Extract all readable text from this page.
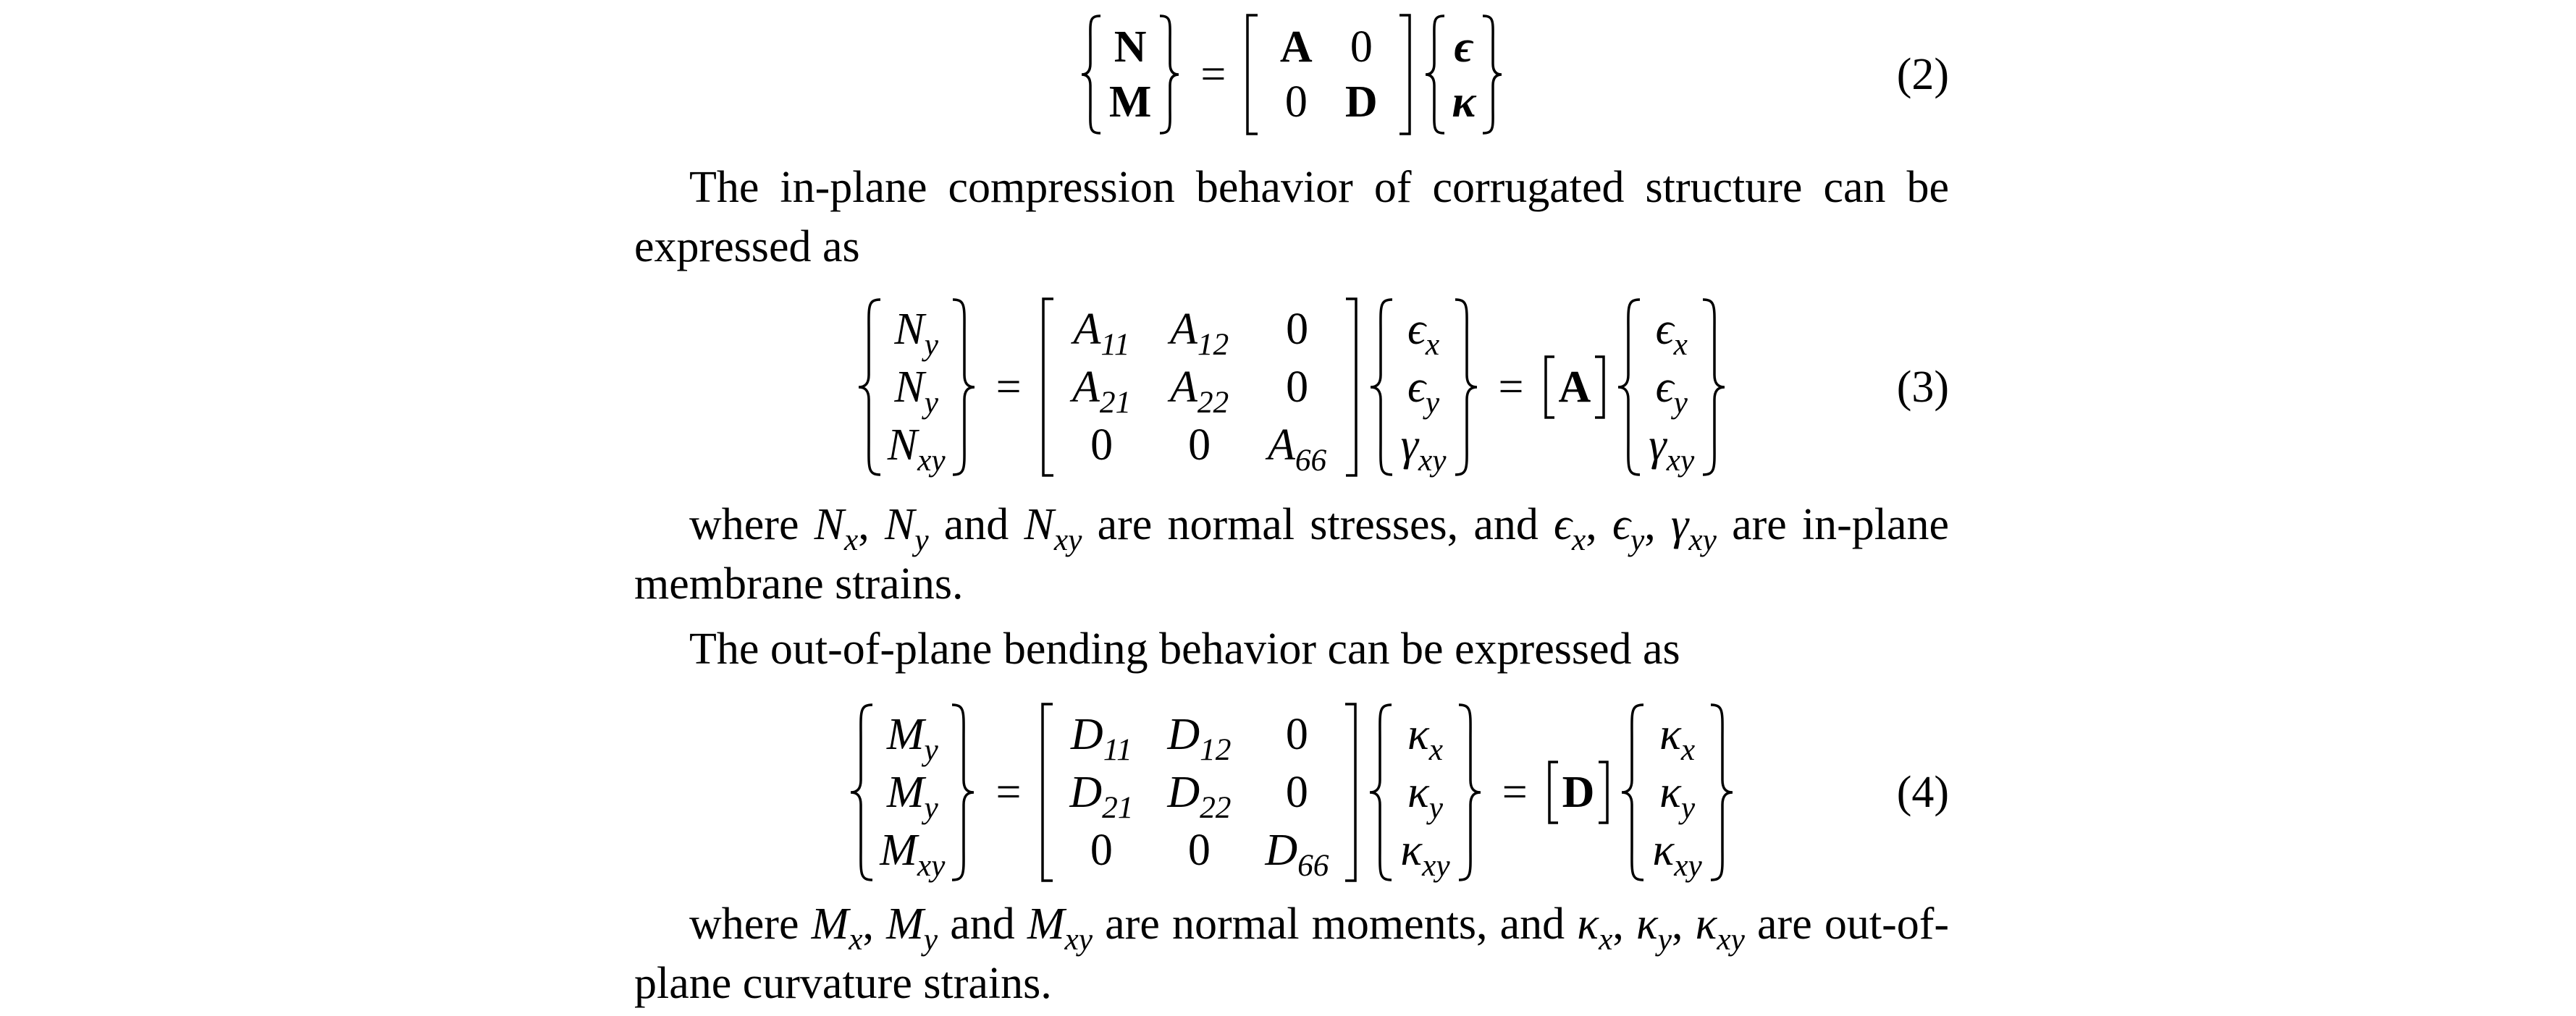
N
M
=
A 0
0 D
ϵ
κ
(2)

The in-plane compression behavior of corrugated structure can be expressed as

$N_y$
$N_y$
$N_{xy}$
=
$A_{11}$ $A_{12}$	0
$A_{21}$ $A_{22}$	0
0	0	$A_{66}$
$\epsilon_x$
$\epsilon_y$
$\gamma_{xy}$
= A
$\epsilon_x$
$\epsilon_y$
$\gamma_{xy}$
(3)

where $N_x$, $N_y$ and $N_{xy}$ are normal stresses, and $\epsilon_x$, $\epsilon_y$, $\gamma_{xy}$ are in-plane membrane strains.

The out-of-plane bending behavior can be expressed as

$M_y$
$M_y$
$M_{xy}$
=
$D_{11}$ $D_{12}$	0
$D_{21}$ $D_{22}$	0
0	0	$D_{66}$
$\kappa_x$
$\kappa_y$
$\kappa_{xy}$
= D
$\kappa_x$
$\kappa_y$
$\kappa_{xy}$
(4)

where $M_x$, $M_y$ and $M_{xy}$ are normal moments, and $\kappa_x$, $\kappa_y$, $\kappa_{xy}$ are out-of-plane curvature strains.
